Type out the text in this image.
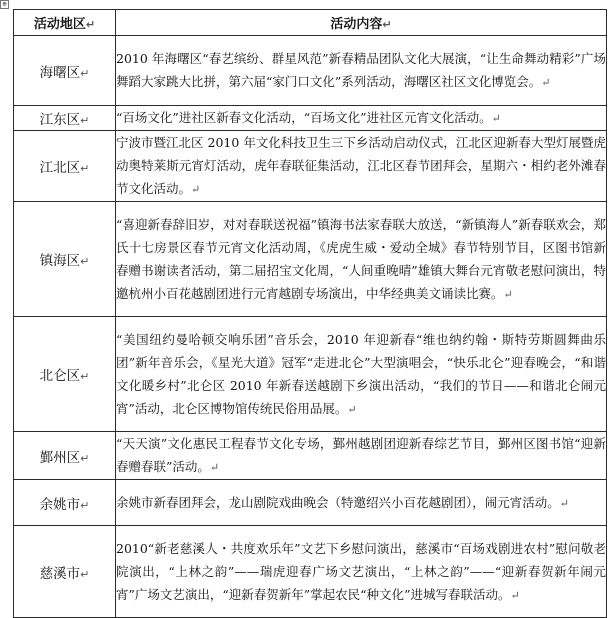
⊕
活动地区↵	活动内容↵
海曙区↵	2010 年海曙区“春艺缤纷、群星风范”新春精品团队文化大展演，“让生命舞动精彩”广场舞蹈大家跳大比拼，第六届“家门口文化”系列活动，海曙区社区文化博览会。↵
江东区↵	“百场文化”进社区新春文化活动，“百场文化”进社区元宵文化活动。↵
江北区↵	宁波市暨江北区 2010 年文化科技卫生三下乡活动启动仪式，江北区迎新春大型灯展暨虎动奥特莱斯元宵灯活动，虎年春联征集活动，江北区春节团拜会，星期六・相约老外滩春节文化活动。↵
镇海区↵	“喜迎新春辞旧岁，对对春联送祝福”镇海书法家春联大放送，“新镇海人”新春联欢会，郑氏十七房景区春节元宵文化活动周，《虎虎生威・爱动全城》春节特别节目，区图书馆新春赠书谢读者活动，第二届招宝文化周，“人间重晚晴”雄镇大舞台元宵敬老慰问演出，特邀杭州小百花越剧团进行元宵越剧专场演出，中华经典美文诵读比赛。↵
北仑区↵	“美国纽约曼哈顿交响乐团”音乐会，2010 年迎新春“维也纳约翰・斯特劳斯圆舞曲乐团”新年音乐会，《星光大道》冠军“走进北仑”大型演唱会，“快乐北仑”迎春晚会，“和谐文化暖乡村”北仑区 2010 年新春送越剧下乡演出活动，“我们的节日——和谐北仑闹元宵”活动，北仑区博物馆传统民俗用品展。↵
鄞州区↵	“天天演”文化惠民工程春节文化专场，鄞州越剧团迎新春综艺节目，鄞州区图书馆“迎新春赠春联”活动。↵
余姚市↵	余姚市新春团拜会，龙山剧院戏曲晚会（特邀绍兴小百花越剧团），闹元宵活动。↵
慈溪市↵	2010“新老慈溪人・共度欢乐年”文艺下乡慰问演出，慈溪市“百场戏剧进农村”慰问敬老院演出，“上林之韵”——瑞虎迎春广场文艺演出，“上林之韵”——“迎新春贺新年闹元宵”广场文艺演出，“迎新春贺新年”掌起农民“种文化”进城写春联活动。↵
